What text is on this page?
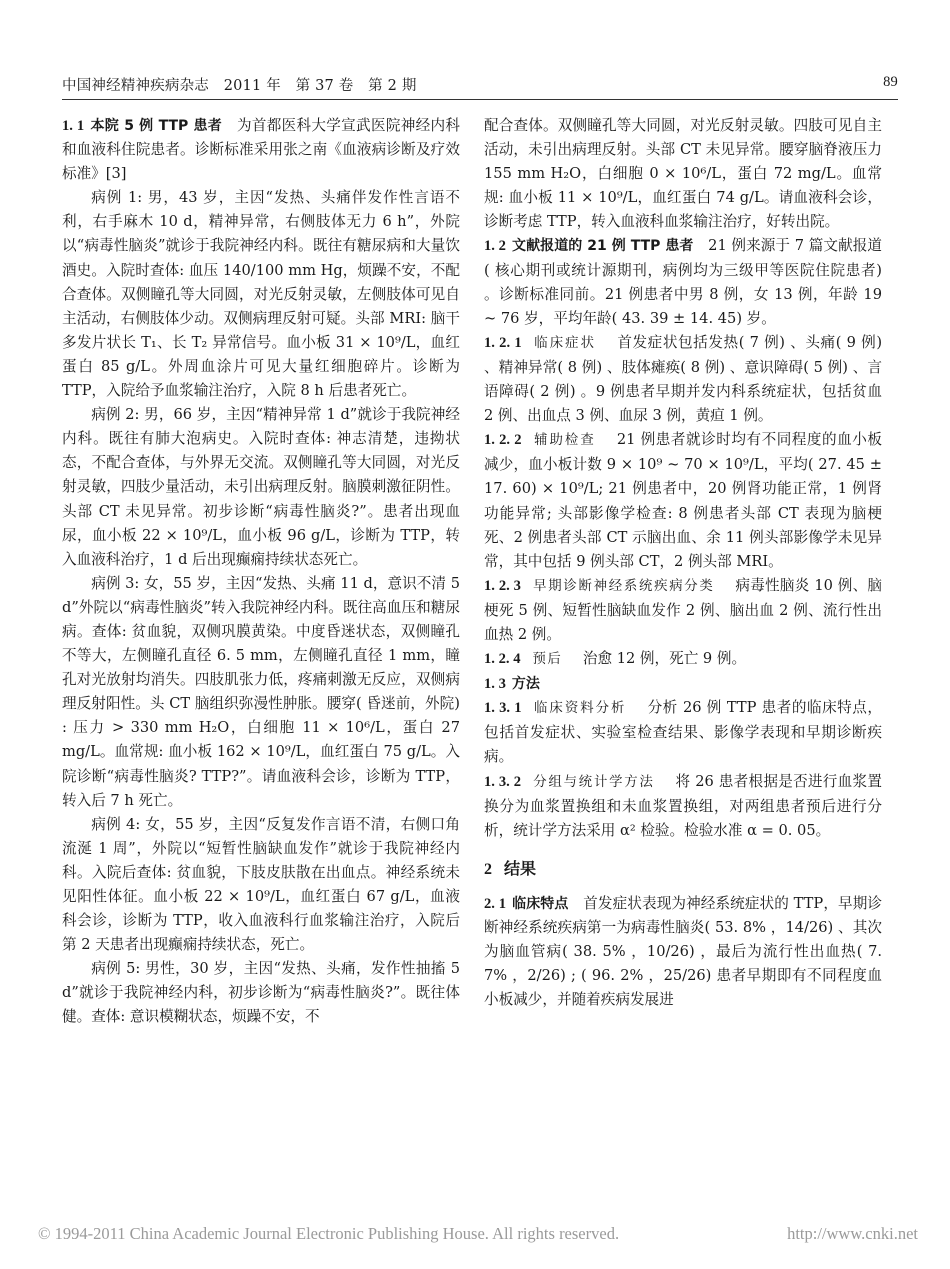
中国神经精神疾病杂志　2011 年　第 37 卷　第 2 期	89

1. 1 本院 5 例 TTP 患者　 为首都医科大学宣武医院神经内科和血液科住院患者。诊断标准采用张之南《血液病诊断及疗效标准》[3]

病例 1: 男，43 岁，主因“发热、头痛伴发作性言语不利，右手麻木 10 d，精神异常，右侧肢体无力 6 h”，外院以“病毒性脑炎”就诊于我院神经内科。既往有糖尿病和大量饮酒史。入院时查体: 血压 140/100 mm Hg，烦躁不安，不配合查体。双侧瞳孔等大同圆，对光反射灵敏，左侧肢体可见自主活动，右侧肢体少动。双侧病理反射可疑。头部 MRI: 脑干多发片状长 T₁、长 T₂ 异常信号。血小板 31 × 10⁹/L，血红蛋白 85 g/L。外周血涂片可见大量红细胞碎片。诊断为 TTP，入院给予血浆输注治疗，入院 8 h 后患者死亡。

病例 2: 男，66 岁，主因“精神异常 1 d”就诊于我院神经内科。既往有肺大泡病史。入院时查体: 神志清楚，违拗状态，不配合查体，与外界无交流。双侧瞳孔等大同圆，对光反射灵敏，四肢少量活动，未引出病理反射。脑膜刺激征阴性。头部 CT 未见异常。初步诊断“病毒性脑炎?”。患者出现血尿，血小板 22 × 10⁹/L，血小板 96 g/L，诊断为 TTP，转入血液科治疗，1 d 后出现癫痫持续状态死亡。

病例 3: 女，55 岁，主因“发热、头痛 11 d，意识不清 5 d”外院以“病毒性脑炎”转入我院神经内科。既往高血压和糖尿病。查体: 贫血貌，双侧巩膜黄染。中度昏迷状态，双侧瞳孔不等大，左侧瞳孔直径 6. 5 mm，左侧瞳孔直径 1 mm，瞳孔对光放射均消失。四肢肌张力低，疼痛刺激无反应，双侧病理反射阳性。头 CT 脑组织弥漫性肿胀。腰穿( 昏迷前，外院) : 压力 > 330 mm H₂O，白细胞 11 × 10⁶/L，蛋白 27 mg/L。血常规: 血小板 162 × 10⁹/L，血红蛋白 75 g/L。入院诊断“病毒性脑炎? TTP?”。请血液科会诊，诊断为 TTP，转入后 7 h 死亡。

病例 4: 女，55 岁，主因“反复发作言语不清，右侧口角流涎 1 周”，外院以“短暂性脑缺血发作”就诊于我院神经内科。入院后查体: 贫血貌，下肢皮肤散在出血点。神经系统未见阳性体征。血小板 22 × 10⁹/L，血红蛋白 67 g/L，血液科会诊，诊断为 TTP，收入血液科行血浆输注治疗，入院后第 2 天患者出现癫痫持续状态，死亡。

病例 5: 男性，30 岁，主因“发热、头痛，发作性抽搐 5 d”就诊于我院神经内科，初步诊断为“病毒性脑炎?”。既往体健。查体: 意识模糊状态，烦躁不安，不

配合查体。双侧瞳孔等大同圆，对光反射灵敏。四肢可见自主活动，未引出病理反射。头部 CT 未见异常。腰穿脑脊液压力 155 mm H₂O，白细胞 0 × 10⁶/L，蛋白 72 mg/L。血常规: 血小板 11 × 10⁹/L，血红蛋白 74 g/L。请血液科会诊，诊断考虑 TTP，转入血液科血浆输注治疗，好转出院。

1. 2 文献报道的 21 例 TTP 患者　 21 例来源于 7 篇文献报道( 核心期刊或统计源期刊，病例均为三级甲等医院住院患者) 。诊断标准同前。21 例患者中男 8 例，女 13 例，年龄 19 ~ 76 岁，平均年龄( 43. 39 ± 14. 45) 岁。

1. 2. 1 临床症状　 首发症状包括发热( 7 例) 、头痛( 9 例) 、精神异常( 8 例) 、肢体瘫痪( 8 例) 、意识障碍( 5 例) 、言语障碍( 2 例) 。9 例患者早期并发内科系统症状，包括贫血 2 例、出血点 3 例、血尿 3 例，黄疸 1 例。

1. 2. 2 辅助检查　 21 例患者就诊时均有不同程度的血小板减少，血小板计数 9 × 10⁹ ~ 70 × 10⁹/L，平均( 27. 45 ± 17. 60) × 10⁹/L; 21 例患者中，20 例肾功能正常，1 例肾功能异常; 头部影像学检查: 8 例患者头部 CT 表现为脑梗死、2 例患者头部 CT 示脑出血、余 11 例头部影像学未见异常，其中包括 9 例头部 CT，2 例头部 MRI。

1. 2. 3 早期诊断神经系统疾病分类　 病毒性脑炎 10 例、脑梗死 5 例、短暂性脑缺血发作 2 例、脑出血 2 例、流行性出血热 2 例。

1. 2. 4 预后　 治愈 12 例，死亡 9 例。

1. 3 方法

1. 3. 1 临床资料分析　 分析 26 例 TTP 患者的临床特点，包括首发症状、实验室检查结果、影像学表现和早期诊断疾病。

1. 3. 2 分组与统计学方法　 将 26 患者根据是否进行血浆置换分为血浆置换组和未血浆置换组，对两组患者预后进行分析，统计学方法采用 α² 检验。检验水准 α = 0. 05。

2 结果

2. 1 临床特点　 首发症状表现为神经系统症状的 TTP，早期诊断神经系统疾病第一为病毒性脑炎( 53. 8% ，14/26) 、其次为脑血管病( 38. 5% ，10/26) ，最后为流行性出血热( 7. 7% ，2/26) ; ( 96. 2% ，25/26) 患者早期即有不同程度血小板减少，并随着疾病发展进

© 1994-2011 China Academic Journal Electronic Publishing House. All rights reserved.	http://www.cnki.net
